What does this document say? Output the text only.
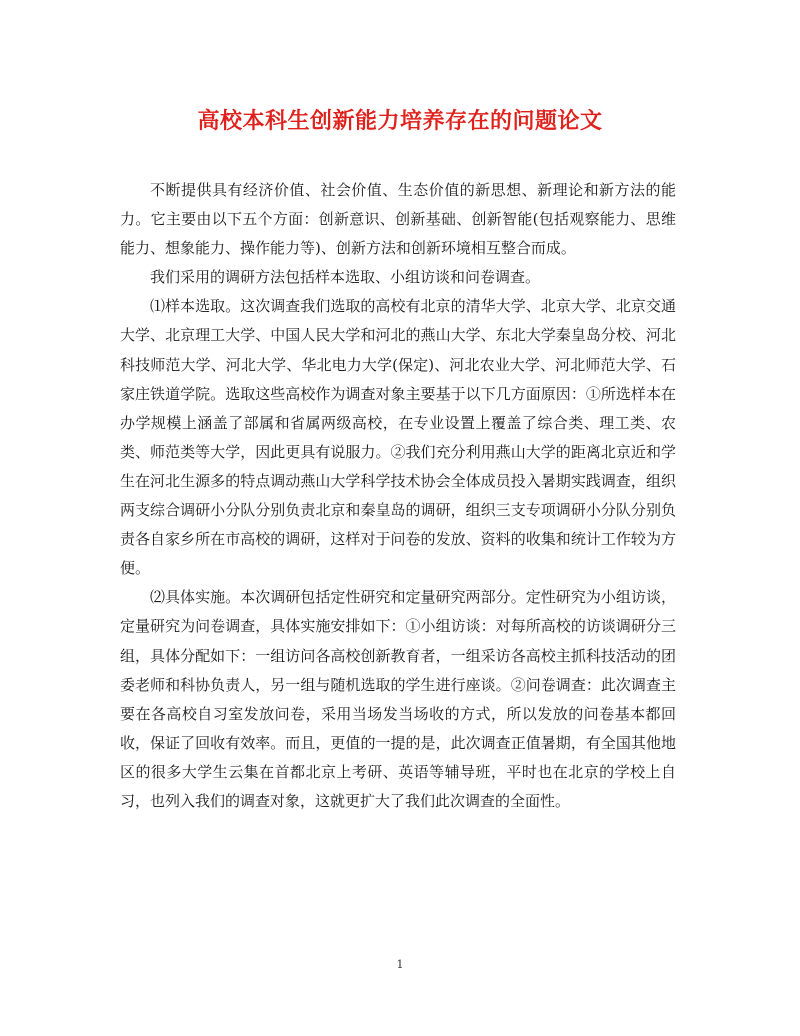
高校本科生创新能力培养存在的问题论文

不断提供具有经济价值、社会价值、生态价值的新思想、新理论和新方法的能力。它主要由以下五个方面：创新意识、创新基础、创新智能(包括观察能力、思维能力、想象能力、操作能力等)、创新方法和创新环境相互整合而成。

我们采用的调研方法包括样本选取、小组访谈和问卷调查。

⑴样本选取。这次调查我们选取的高校有北京的清华大学、北京大学、北京交通大学、北京理工大学、中国人民大学和河北的燕山大学、东北大学秦皇岛分校、河北科技师范大学、河北大学、华北电力大学(保定)、河北农业大学、河北师范大学、石家庄铁道学院。选取这些高校作为调查对象主要基于以下几方面原因：①所选样本在办学规模上涵盖了部属和省属两级高校，在专业设置上覆盖了综合类、理工类、农类、师范类等大学，因此更具有说服力。②我们充分利用燕山大学的距离北京近和学生在河北生源多的特点调动燕山大学科学技术协会全体成员投入暑期实践调查，组织两支综合调研小分队分别负责北京和秦皇岛的调研，组织三支专项调研小分队分别负责各自家乡所在市高校的调研，这样对于问卷的发放、资料的收集和统计工作较为方便。

⑵具体实施。本次调研包括定性研究和定量研究两部分。定性研究为小组访谈，定量研究为问卷调查，具体实施安排如下：①小组访谈：对每所高校的访谈调研分三组，具体分配如下：一组访问各高校创新教育者，一组采访各高校主抓科技活动的团委老师和科协负责人，另一组与随机选取的学生进行座谈。②问卷调查：此次调查主要在各高校自习室发放问卷，采用当场发当场收的方式，所以发放的问卷基本都回收，保证了回收有效率。而且，更值的一提的是，此次调查正值暑期，有全国其他地区的很多大学生云集在首都北京上考研、英语等辅导班，平时也在北京的学校上自习，也列入我们的调查对象，这就更扩大了我们此次调查的全面性。

1
